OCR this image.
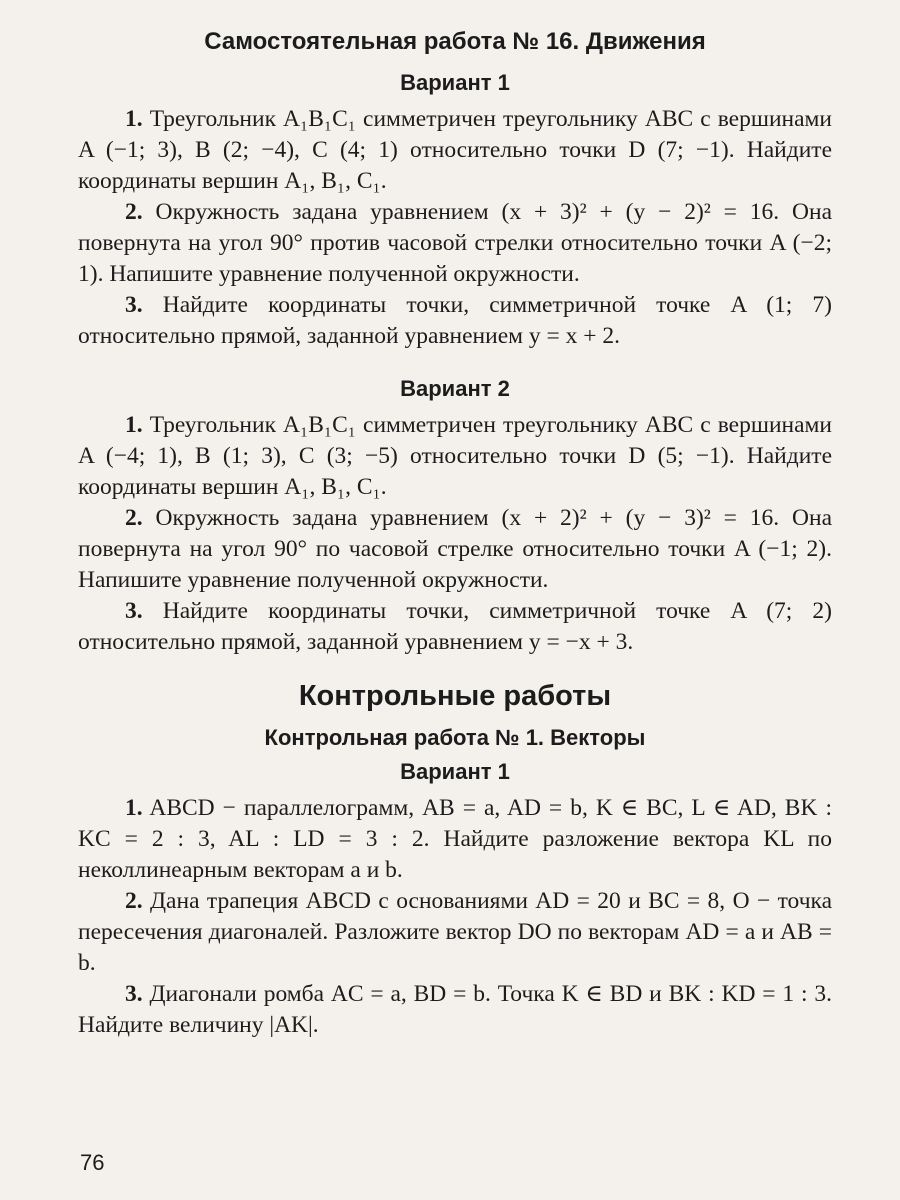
Самостоятельная работа № 16. Движения
Вариант 1

1. Треугольник A₁B₁C₁ симметричен треугольнику ABC с вершинами A (−1; 3), B (2; −4), C (4; 1) относительно точки D (7; −1). Найдите координаты вершин A₁, B₁, C₁.

2. Окружность задана уравнением (x + 3)² + (y − 2)² = 16. Она повернута на угол 90° против часовой стрелки относительно точки A (−2; 1). Напишите уравнение полученной окружности.

3. Найдите координаты точки, симметричной точке A (1; 7) относительно прямой, заданной уравнением y = x + 2.

Вариант 2

1. Треугольник A₁B₁C₁ симметричен треугольнику ABC с вершинами A (−4; 1), B (1; 3), C (3; −5) относительно точки D (5; −1). Найдите координаты вершин A₁, B₁, C₁.

2. Окружность задана уравнением (x + 2)² + (y − 3)² = 16. Она повернута на угол 90° по часовой стрелке относительно точки A (−1; 2). Напишите уравнение полученной окружности.

3. Найдите координаты точки, симметричной точке A (7; 2) относительно прямой, заданной уравнением y = −x + 3.

Контрольные работы
Контрольная работа № 1. Векторы
Вариант 1

1. ABCD − параллелограмм, AB = a, AD = b, K ∈ BC, L ∈ AD, BK : KC = 2 : 3, AL : LD = 3 : 2. Найдите разложение вектора KL по неколлинеарным векторам a и b.

2. Дана трапеция ABCD с основаниями AD = 20 и BC = 8, O − точка пересечения диагоналей. Разложите вектор DO по векторам AD = a и AB = b.

3. Диагонали ромба AC = a, BD = b. Точка K ∈ BD и BK : KD = 1 : 3. Найдите величину |AK|.

76
